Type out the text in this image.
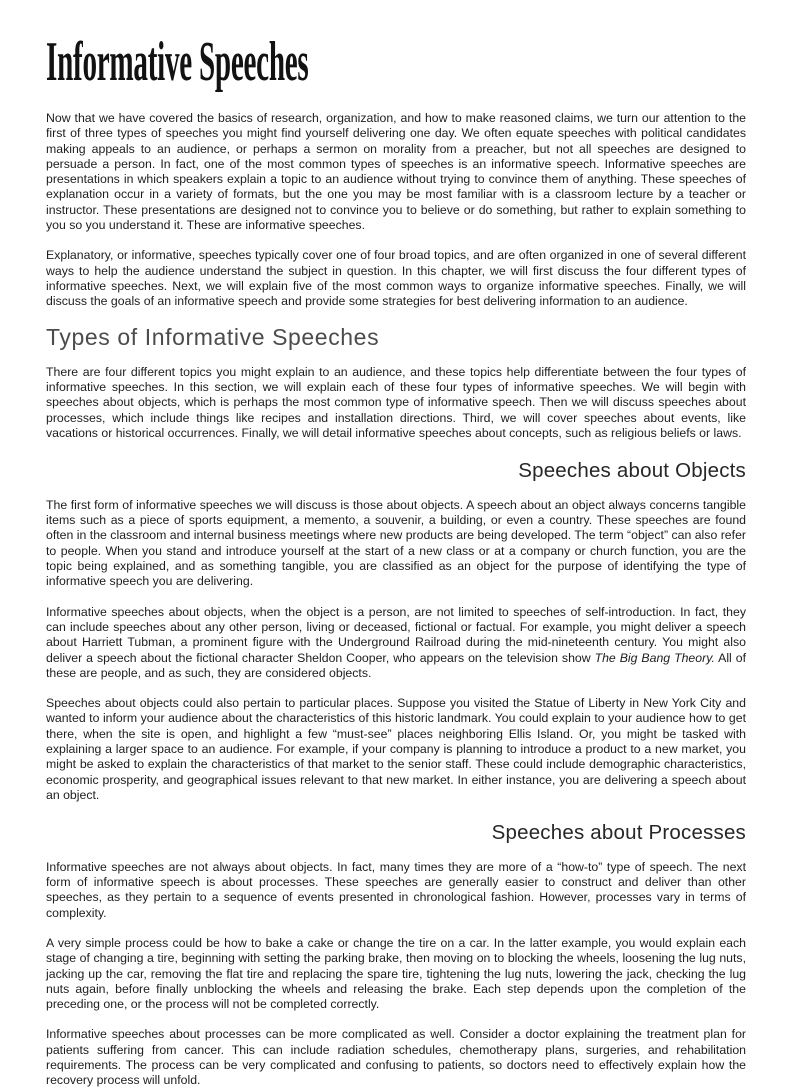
Informative Speeches

Now that we have covered the basics of research, organization, and how to make reasoned claims, we turn our attention to the first of three types of speeches you might find yourself delivering one day. We often equate speeches with political candidates making appeals to an audience, or perhaps a sermon on morality from a preacher, but not all speeches are designed to persuade a person. In fact, one of the most common types of speeches is an informative speech. Informative speeches are presentations in which speakers explain a topic to an audience without trying to convince them of anything. These speeches of explanation occur in a variety of formats, but the one you may be most familiar with is a classroom lecture by a teacher or instructor. These presentations are designed not to convince you to believe or do something, but rather to explain something to you so you understand it. These are informative speeches.

Explanatory, or informative, speeches typically cover one of four broad topics, and are often organized in one of several different ways to help the audience understand the subject in question. In this chapter, we will first discuss the four different types of informative speeches. Next, we will explain five of the most common ways to organize informative speeches. Finally, we will discuss the goals of an informative speech and provide some strategies for best delivering information to an audience.

Types of Informative Speeches

There are four different topics you might explain to an audience, and these topics help differentiate between the four types of informative speeches. In this section, we will explain each of these four types of informative speeches. We will begin with speeches about objects, which is perhaps the most common type of informative speech. Then we will discuss speeches about processes, which include things like recipes and installation directions. Third, we will cover speeches about events, like vacations or historical occurrences. Finally, we will detail informative speeches about concepts, such as religious beliefs or laws.

Speeches about Objects

The first form of informative speeches we will discuss is those about objects. A speech about an object always concerns tangible items such as a piece of sports equipment, a memento, a souvenir, a building, or even a country. These speeches are found often in the classroom and internal business meetings where new products are being developed. The term “object” can also refer to people. When you stand and introduce yourself at the start of a new class or at a company or church function, you are the topic being explained, and as something tangible, you are classified as an object for the purpose of identifying the type of informative speech you are delivering.

Informative speeches about objects, when the object is a person, are not limited to speeches of self-introduction. In fact, they can include speeches about any other person, living or deceased, fictional or factual. For example, you might deliver a speech about Harriett Tubman, a prominent figure with the Underground Railroad during the mid-nineteenth century. You might also deliver a speech about the fictional character Sheldon Cooper, who appears on the television show The Big Bang Theory. All of these are people, and as such, they are considered objects.

Speeches about objects could also pertain to particular places. Suppose you visited the Statue of Liberty in New York City and wanted to inform your audience about the characteristics of this historic landmark. You could explain to your audience how to get there, when the site is open, and highlight a few “must-see” places neighboring Ellis Island. Or, you might be tasked with explaining a larger space to an audience. For example, if your company is planning to introduce a product to a new market, you might be asked to explain the characteristics of that market to the senior staff. These could include demographic characteristics, economic prosperity, and geographical issues relevant to that new market. In either instance, you are delivering a speech about an object.

Speeches about Processes

Informative speeches are not always about objects. In fact, many times they are more of a “how-to” type of speech. The next form of informative speech is about processes. These speeches are generally easier to construct and deliver than other speeches, as they pertain to a sequence of events presented in chronological fashion. However, processes vary in terms of complexity.

A very simple process could be how to bake a cake or change the tire on a car. In the latter example, you would explain each stage of changing a tire, beginning with setting the parking brake, then moving on to blocking the wheels, loosening the lug nuts, jacking up the car, removing the flat tire and replacing the spare tire, tightening the lug nuts, lowering the jack, checking the lug nuts again, before finally unblocking the wheels and releasing the brake. Each step depends upon the completion of the preceding one, or the process will not be completed correctly.

Informative speeches about processes can be more complicated as well. Consider a doctor explaining the treatment plan for patients suffering from cancer. This can include radiation schedules, chemotherapy plans, surgeries, and rehabilitation requirements. The process can be very complicated and confusing to patients, so doctors need to effectively explain how the recovery process will unfold.
